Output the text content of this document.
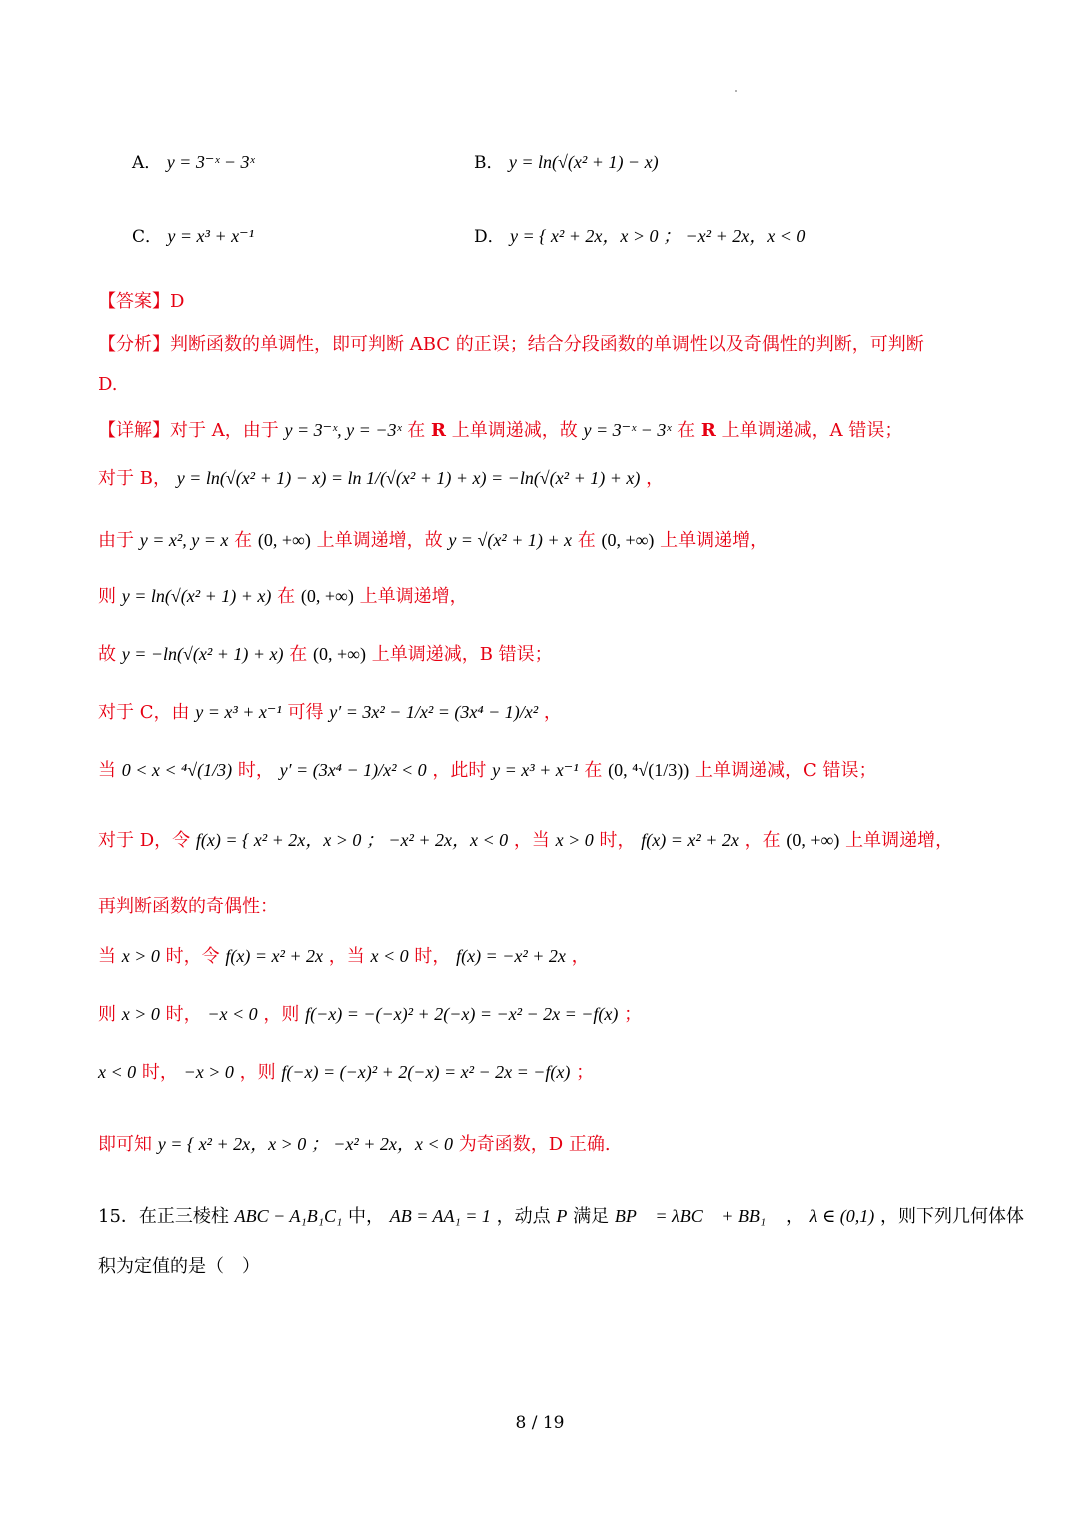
A． y = 3⁻ˣ − 3ˣ	B． y = ln(√(x² + 1) − x)
C． y = x³ + x⁻¹	D． y = { x² + 2x，x > 0 ； −x² + 2x，x < 0
【答案】D
【分析】判断函数的单调性，即可判断 ABC 的正误；结合分段函数的单调性以及奇偶性的判断，可判断
D.
【详解】对于 A，由于 y = 3⁻ˣ, y = −3ˣ 在 R 上单调递减，故 y = 3⁻ˣ − 3ˣ 在 R 上单调递减，A 错误；
对于 B， y = ln(√(x² + 1) − x) = ln 1/(√(x² + 1) + x) = −ln(√(x² + 1) + x) ，
由于 y = x², y = x 在 (0, +∞) 上单调递增，故 y = √(x² + 1) + x 在 (0, +∞) 上单调递增，
则 y = ln(√(x² + 1) + x) 在 (0, +∞) 上单调递增，
故 y = −ln(√(x² + 1) + x) 在 (0, +∞) 上单调递减，B 错误；
对于 C，由 y = x³ + x⁻¹ 可得 y′ = 3x² − 1/x² = (3x⁴ − 1)/x² ，
当 0 < x < ⁴√(1/3) 时， y′ = (3x⁴ − 1)/x² < 0 ，此时 y = x³ + x⁻¹ 在 (0, ⁴√(1/3)) 上单调递减，C 错误；
对于 D，令 f(x) = { x² + 2x，x > 0 ； −x² + 2x，x < 0 ，当 x > 0 时， f(x) = x² + 2x ，在 (0, +∞) 上单调递增，
再判断函数的奇偶性：
当 x > 0 时，令 f(x) = x² + 2x ，当 x < 0 时， f(x) = −x² + 2x ，
则 x > 0 时， −x < 0 ，则 f(−x) = −(−x)² + 2(−x) = −x² − 2x = −f(x) ；
x < 0 时， −x > 0 ，则 f(−x) = (−x)² + 2(−x) = x² − 2x = −f(x) ；
即可知 y = { x² + 2x，x > 0 ； −x² + 2x，x < 0 为奇函数，D 正确.
15．在正三棱柱 ABC − A₁B₁C₁ 中， AB = AA₁ = 1 ，动点 P 满足 BP⃗ = λBC⃗ + BB₁⃗ ， λ ∈ (0,1) ，则下列几何体体
积为定值的是（　）
8 / 19
